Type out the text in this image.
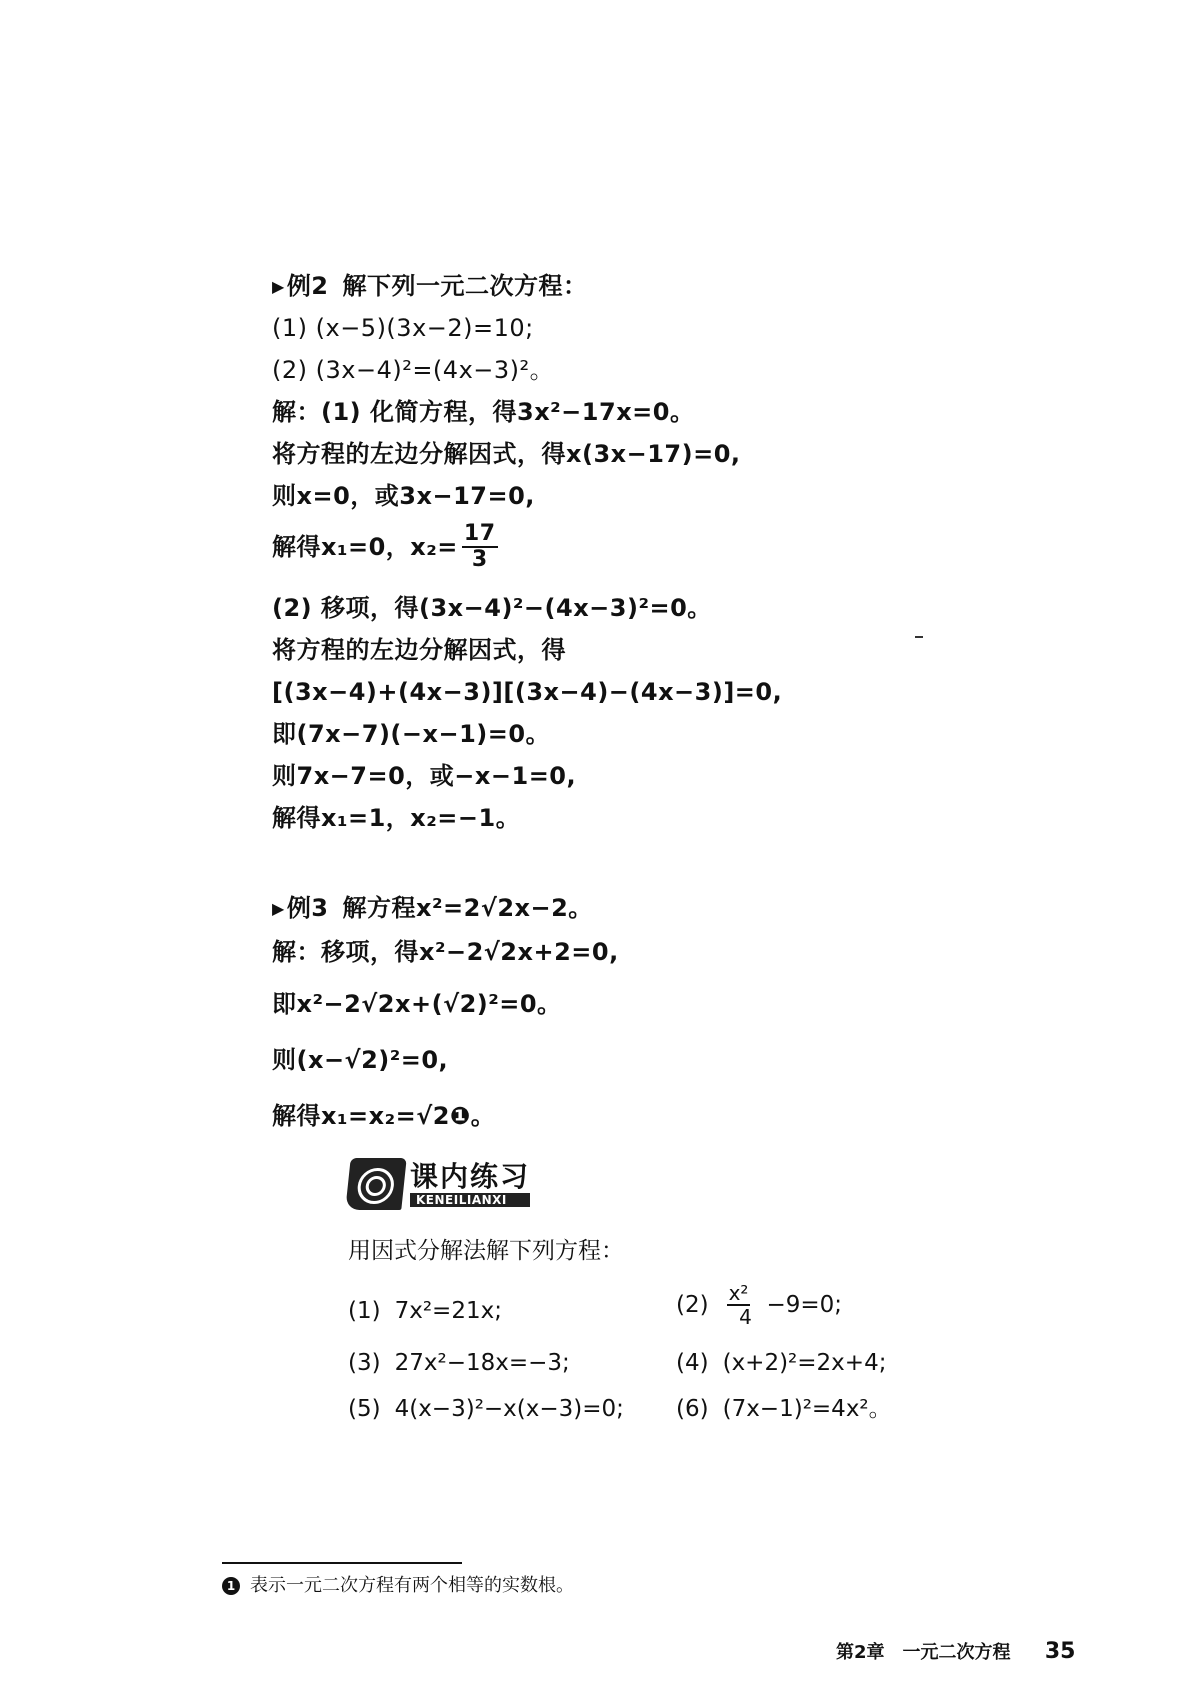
▶例2 解下列一元二次方程：
(1) (x−5)(3x−2)=10;
(2) (3x−4)²=(4x−3)²。
解：(1) 化简方程，得3x²−17x=0。
将方程的左边分解因式，得x(3x−17)=0,
则x=0，或3x−17=0,
解得x₁=0，$x_2= \frac{17}{3}$
(2) 移项，得(3x−4)²−(4x−3)²=0。
将方程的左边分解因式，得
[(3x−4)+(4x−3)][(3x−4)−(4x−3)]=0,
即(7x−7)(−x−1)=0。
则7x−7=0，或−x−1=0,
解得x₁=1，x₂=−1。
▶例3 解方程x²=2√2x−2。
解：移项，得x²−2√2x+2=0,
即x²−2√2x+(√2)²=0。
则(x−√2)²=0,
解得x₁=x₂=√2❶。
课内练习
KENEILIANXI
用因式分解法解下列方程：
(1) 7x²=21x;	$(2) \frac{\text{x²}}{4} -9=0$;
(3) 27x²−18x=−3;	(4) (x+2)²=2x+4;
(5) 4(x−3)²−x(x−3)=0; (6) (7x−1)²=4x²。
1 表示一元二次方程有两个相等的实数根。
第2章　一元二次方程 35
